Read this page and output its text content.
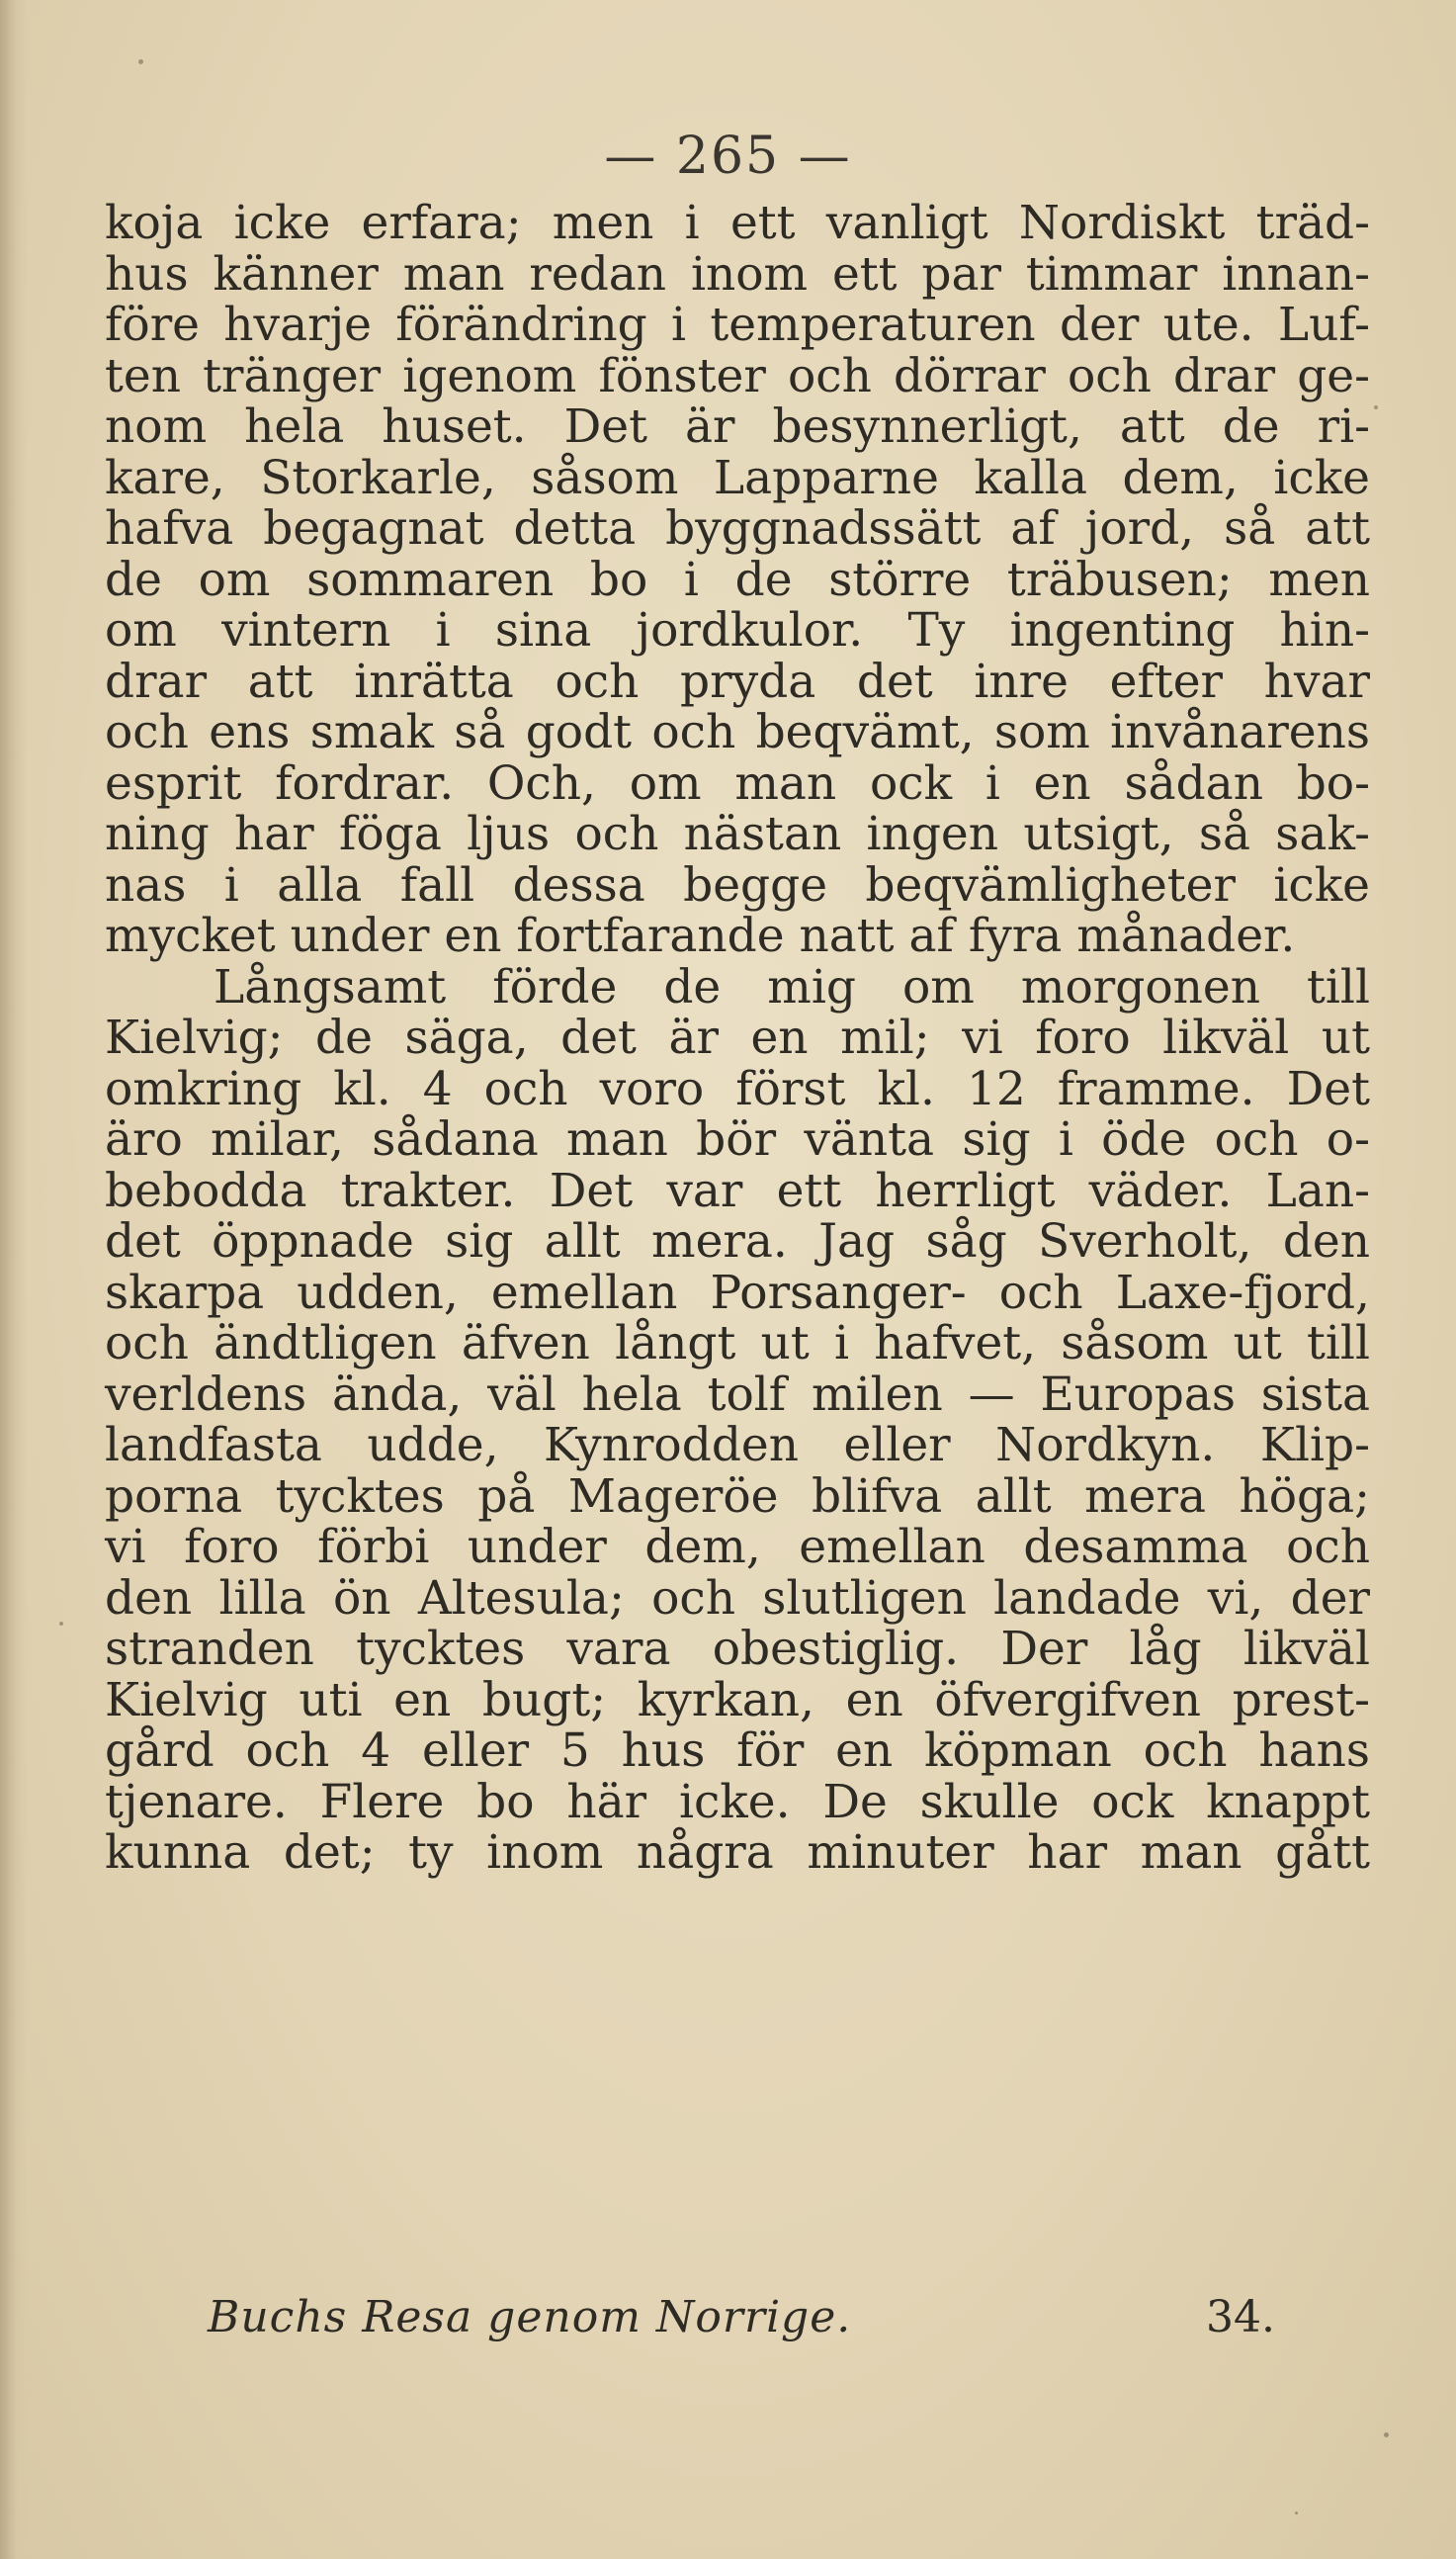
— 265 —
koja icke erfara; men i ett vanligt Nordiskt träd-
hus känner man redan inom ett par timmar innan-
före hvarje förändring i temperaturen der ute. Luf-
ten tränger igenom fönster och dörrar och drar ge-
nom hela huset. Det är besynnerligt, att de ri-
kare, Storkarle, såsom Lapparne kalla dem, icke
hafva begagnat detta byggnadssätt af jord, så att
de om sommaren bo i de större träbusen; men
om vintern i sina jordkulor. Ty ingenting hin-
drar att inrätta och pryda det inre efter hvar
och ens smak så godt och beqvämt, som invånarens
esprit fordrar. Och, om man ock i en sådan bo-
ning har föga ljus och nästan ingen utsigt, så sak-
nas i alla fall dessa begge beqvämligheter icke
mycket under en fortfarande natt af fyra månader.
Långsamt förde de mig om morgonen till
Kielvig; de säga, det är en mil; vi foro likväl ut
omkring kl. 4 och voro först kl. 12 framme. Det
äro milar, sådana man bör vänta sig i öde och o-
bebodda trakter. Det var ett herrligt väder. Lan-
det öppnade sig allt mera. Jag såg Sverholt, den
skarpa udden, emellan Porsanger- och Laxe-fjord,
och ändtligen äfven långt ut i hafvet, såsom ut till
verldens ända, väl hela tolf milen — Europas sista
landfasta udde, Kynrodden eller Nordkyn. Klip-
porna tycktes på Mageröe blifva allt mera höga;
vi foro förbi under dem, emellan desamma och
den lilla ön Altesula; och slutligen landade vi, der
stranden tycktes vara obestiglig. Der låg likväl
Kielvig uti en bugt; kyrkan, en öfvergifven prest-
gård och 4 eller 5 hus för en köpman och hans
tjenare. Flere bo här icke. De skulle ock knappt
kunna det; ty inom några minuter har man gått
Buchs Resa genom Norrige.	34.
